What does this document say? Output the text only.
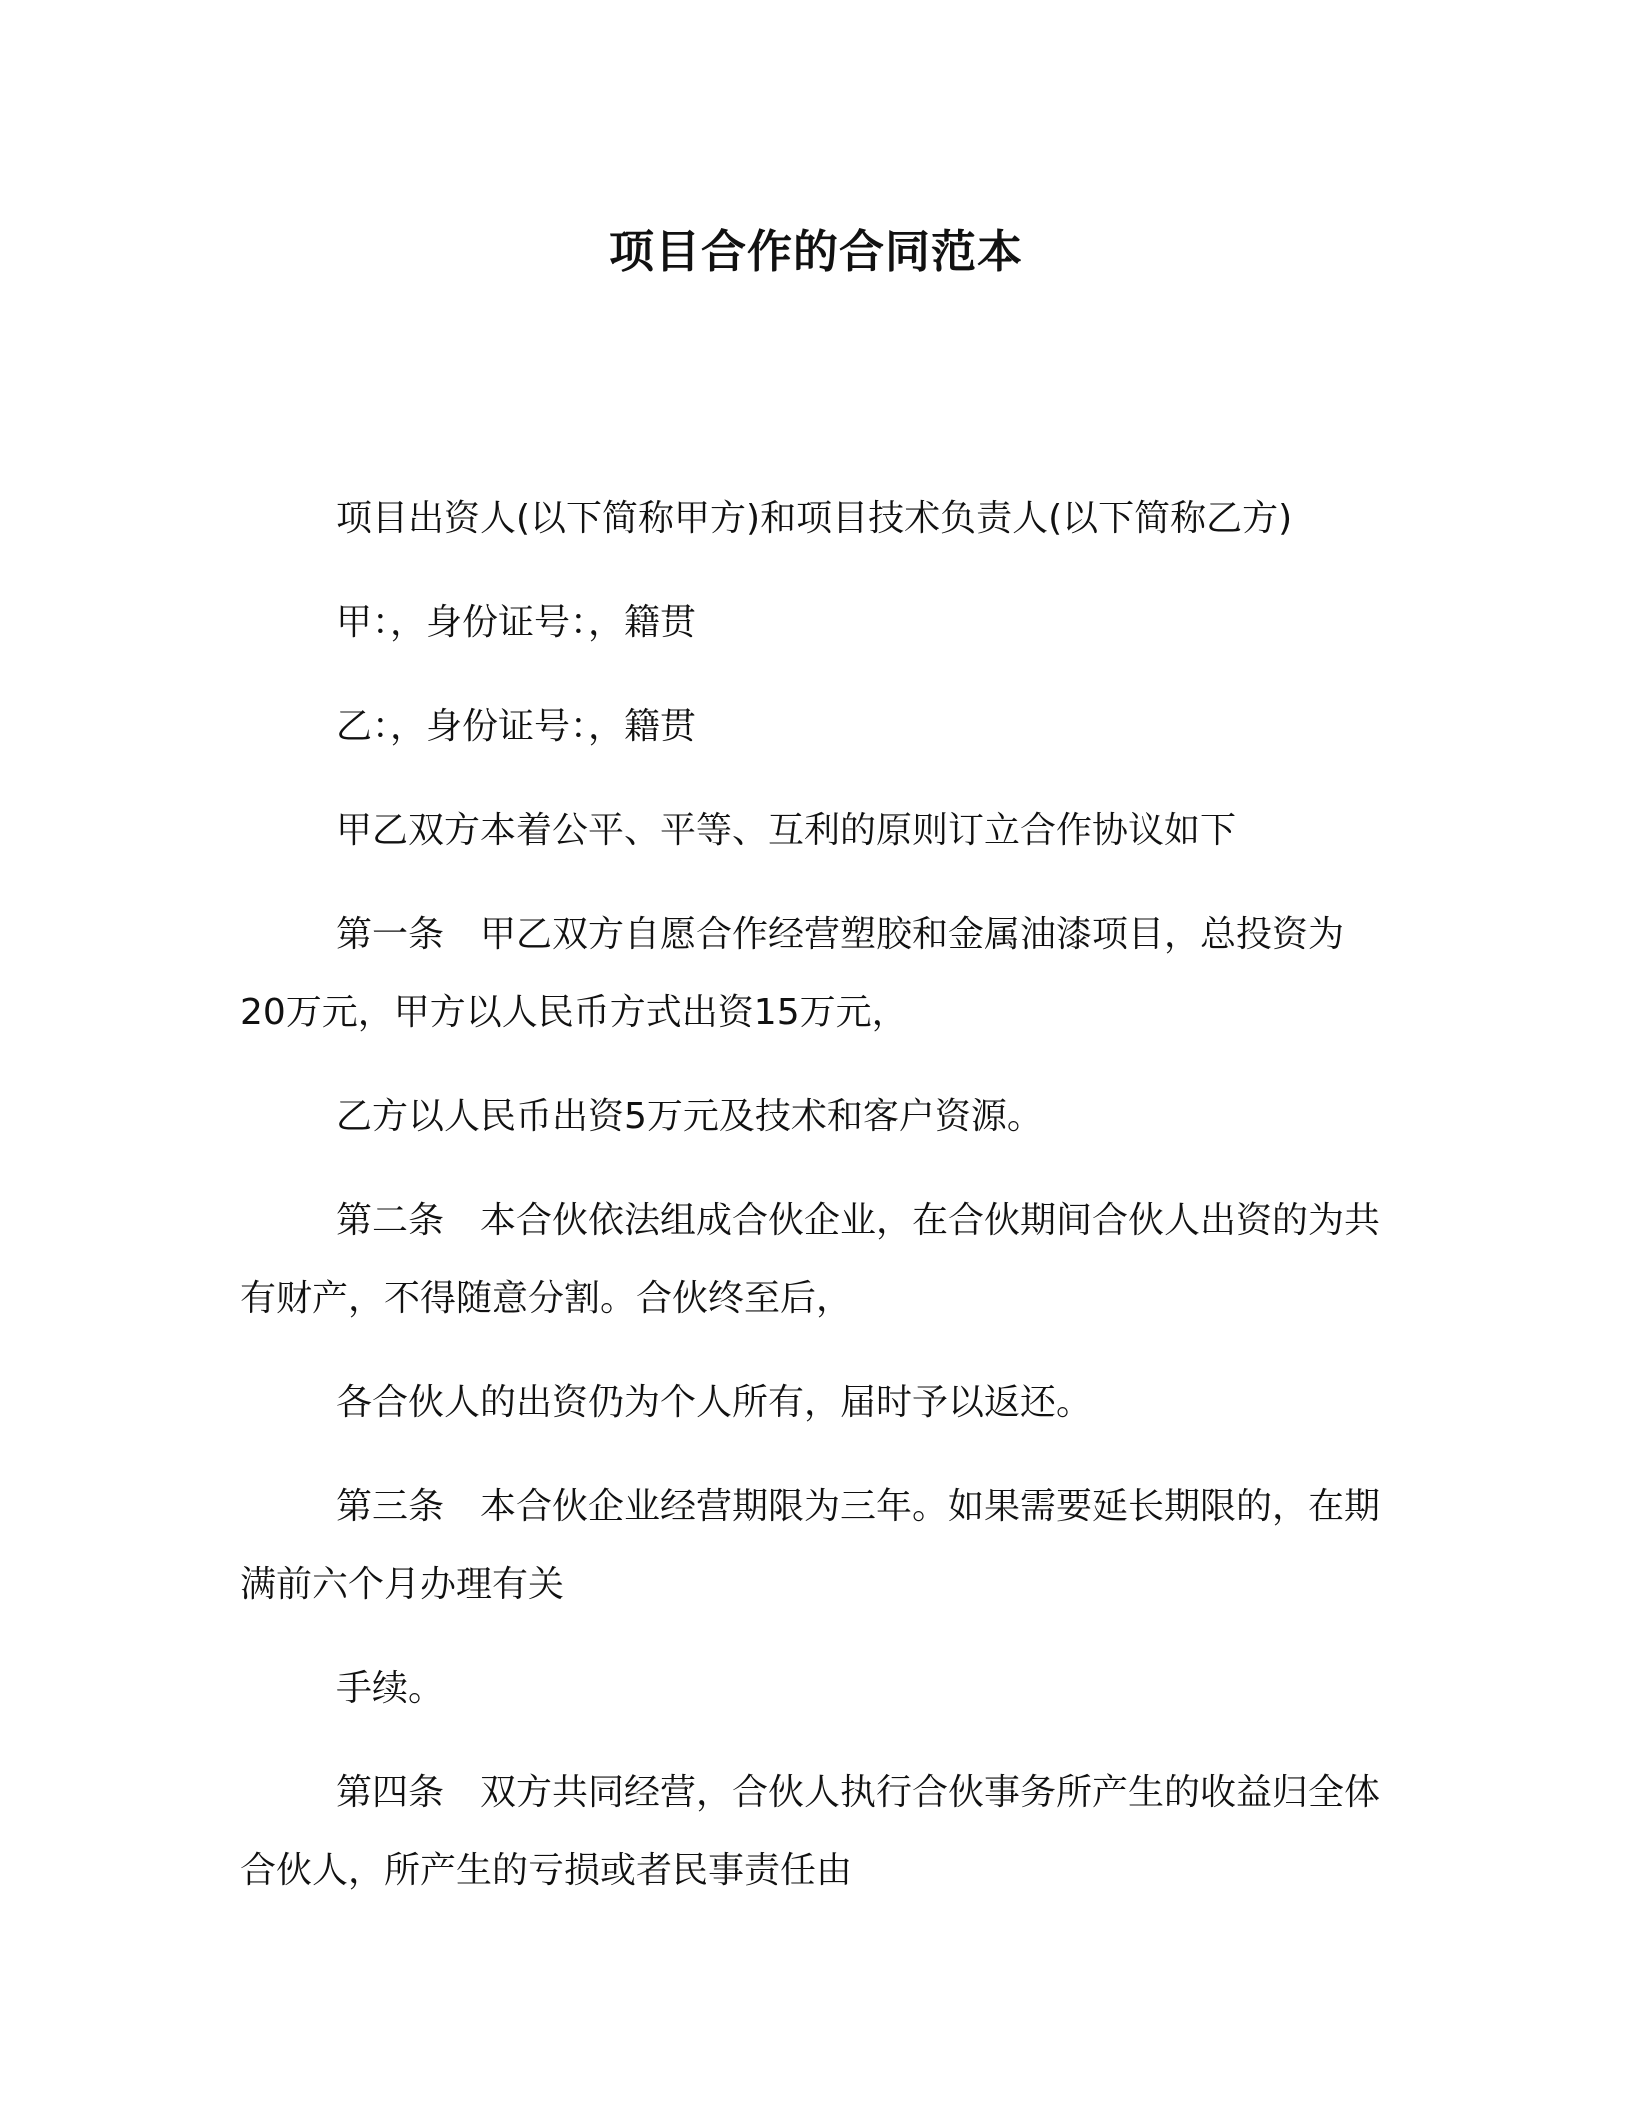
项目合作的合同范本

项目出资人(以下简称甲方)和项目技术负责人(以下简称乙方)

甲：，身份证号：，籍贯

乙：，身份证号：，籍贯

甲乙双方本着公平、平等、互利的原则订立合作协议如下

第一条　甲乙双方自愿合作经营塑胶和金属油漆项目，总投资为20万元，甲方以人民币方式出资15万元，

乙方以人民币出资5万元及技术和客户资源。

第二条　本合伙依法组成合伙企业，在合伙期间合伙人出资的为共有财产，不得随意分割。合伙终至后，

各合伙人的出资仍为个人所有，届时予以返还。

第三条　本合伙企业经营期限为三年。如果需要延长期限的，在期满前六个月办理有关

手续。

第四条　双方共同经营，合伙人执行合伙事务所产生的收益归全体合伙人，所产生的亏损或者民事责任由
